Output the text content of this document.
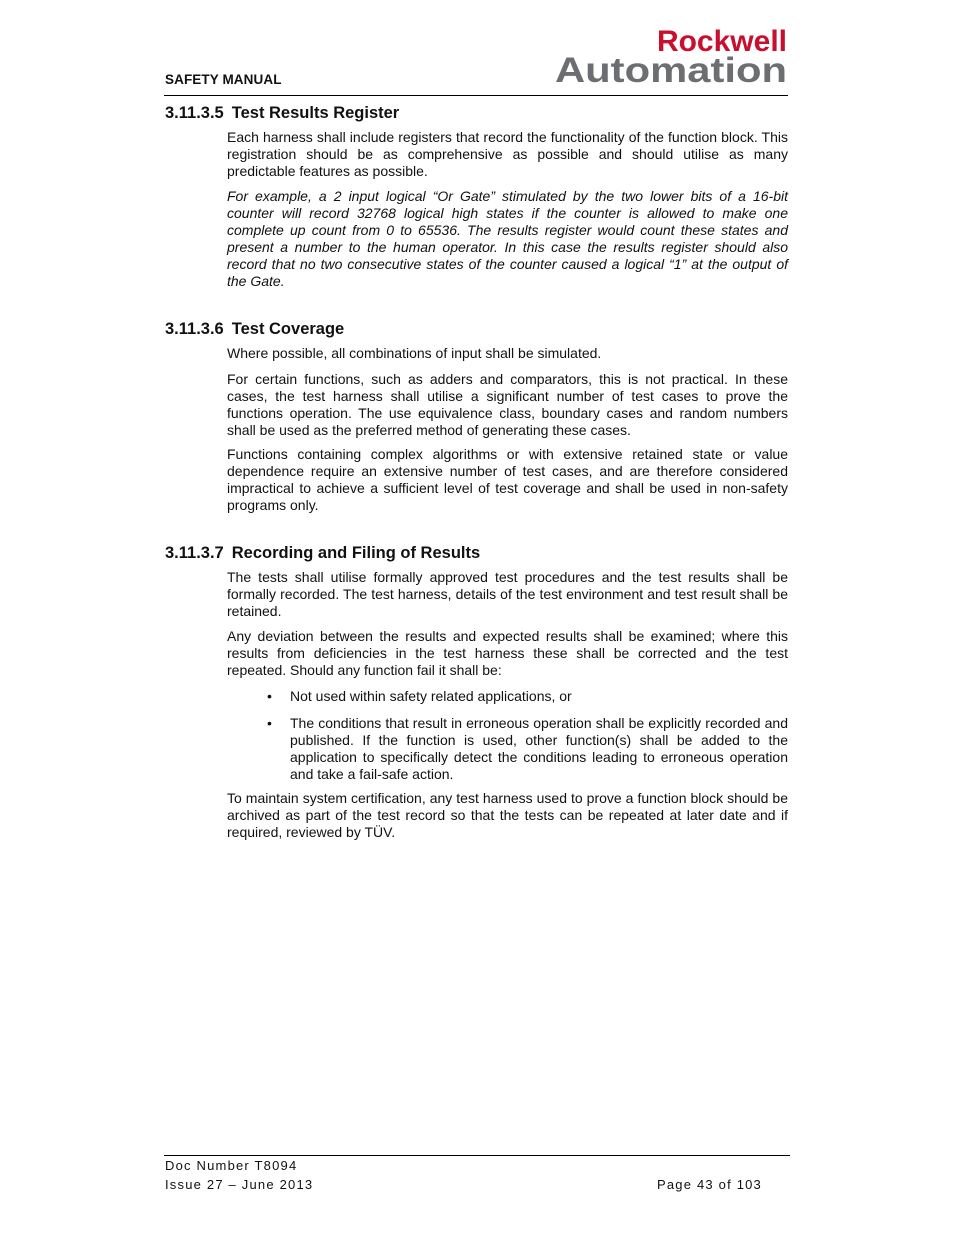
SAFETY MANUAL
Rockwell
Automation
3.11.3.5 Test Results Register

Each harness shall include registers that record the functionality of the function block. This registration should be as comprehensive as possible and should utilise as many predictable features as possible.

For example, a 2 input logical “Or Gate” stimulated by the two lower bits of a 16-bit counter will record 32768 logical high states if the counter is allowed to make one complete up count from 0 to 65536. The results register would count these states and present a number to the human operator. In this case the results register should also record that no two consecutive states of the counter caused a logical “1” at the output of the Gate.

3.11.3.6 Test Coverage

Where possible, all combinations of input shall be simulated.

For certain functions, such as adders and comparators, this is not practical. In these cases, the test harness shall utilise a significant number of test cases to prove the functions operation. The use equivalence class, boundary cases and random numbers shall be used as the preferred method of generating these cases.

Functions containing complex algorithms or with extensive retained state or value dependence require an extensive number of test cases, and are therefore considered impractical to achieve a sufficient level of test coverage and shall be used in non-safety programs only.

3.11.3.7 Recording and Filing of Results

The tests shall utilise formally approved test procedures and the test results shall be formally recorded. The test harness, details of the test environment and test result shall be retained.

Any deviation between the results and expected results shall be examined; where this results from deficiencies in the test harness these shall be corrected and the test repeated. Should any function fail it shall be:

• Not used within safety related applications, or
• The conditions that result in erroneous operation shall be explicitly recorded and published. If the function is used, other function(s) shall be added to the application to specifically detect the conditions leading to erroneous operation and take a fail-safe action.

To maintain system certification, any test harness used to prove a function block should be archived as part of the test record so that the tests can be repeated at later date and if required, reviewed by TÜV.

Doc Number T8094
Issue 27 – June 2013	Page 43 of 103
